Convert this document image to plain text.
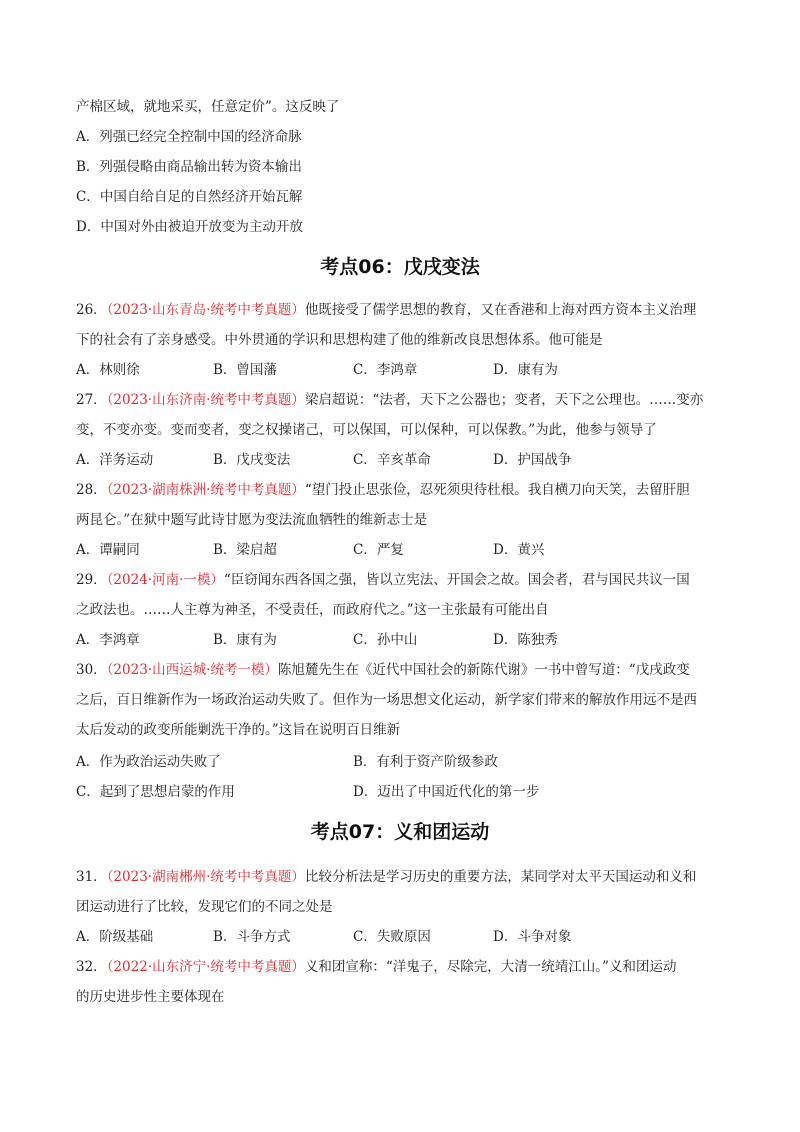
产棉区域，就地采买，任意定价”。这反映了
A．列强已经完全控制中国的经济命脉
B．列强侵略由商品输出转为资本输出
C．中国自给自足的自然经济开始瓦解
D．中国对外由被迫开放变为主动开放
考点06：戊戌变法
26．（2023·山东青岛·统考中考真题）他既接受了儒学思想的教育，又在香港和上海对西方资本主义治理
下的社会有了亲身感受。中外贯通的学识和思想构建了他的维新改良思想体系。他可能是
A．林则徐	B．曾国藩	C．李鸿章	D．康有为
27．（2023·山东济南·统考中考真题）梁启超说：“法者，天下之公器也；变者，天下之公理也。……变亦
变，不变亦变。变而变者，变之权操诸己，可以保国，可以保种，可以保教。”为此，他参与领导了
A．洋务运动	B．戊戌变法	C．辛亥革命	D．护国战争
28．（2023·湖南株洲·统考中考真题）“望门投止思张俭，忍死须臾待杜根。我自横刀向天笑，去留肝胆
两昆仑。”在狱中题写此诗甘愿为变法流血牺牲的维新志士是
A．谭嗣同	B．梁启超	C．严复	D．黄兴
29．（2024·河南·一模）“臣窃闻东西各国之强，皆以立宪法、开国会之故。国会者，君与国民共议一国
之政法也。……人主尊为神圣，不受责任，而政府代之。”这一主张最有可能出自
A．李鸿章	B．康有为	C．孙中山	D．陈独秀
30．（2023·山西运城·统考一模）陈旭麓先生在《近代中国社会的新陈代谢》一书中曾写道：“戊戌政变
之后，百日维新作为一场政治运动失败了。但作为一场思想文化运动，新学家们带来的解放作用远不是西
太后发动的政变所能剿洗干净的。”这旨在说明百日维新
A．作为政治运动失败了	B．有利于资产阶级参政
C．起到了思想启蒙的作用	D．迈出了中国近代化的第一步
考点07：义和团运动
31．（2023·湖南郴州·统考中考真题）比较分析法是学习历史的重要方法，某同学对太平天国运动和义和
团运动进行了比较，发现它们的不同之处是
A．阶级基础	B．斗争方式	C．失败原因	D．斗争对象
32．（2022·山东济宁·统考中考真题）义和团宣称：“洋鬼子，尽除完，大清一统靖江山。”义和团运动
的历史进步性主要体现在
